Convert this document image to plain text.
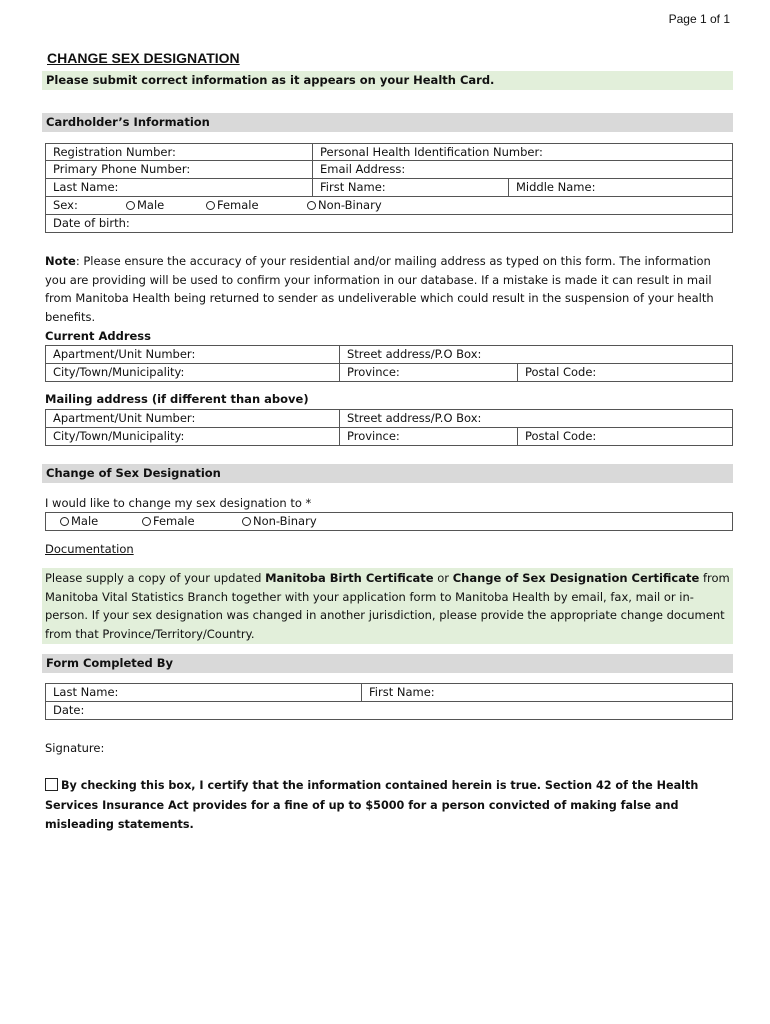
Page 1 of 1
CHANGE SEX DESIGNATION
Please submit correct information as it appears on your Health Card.
Cardholder’s Information
Registration Number:	Personal Health Identification Number:
Primary Phone Number:	Email Address:
Last Name:	First Name:	Middle Name:
Sex:	Male	Female	Non-Binary
Date of birth:
Note: Please ensure the accuracy of your residential and/or mailing address as typed on this form. The information you are providing will be used to confirm your information in our database. If a mistake is made it can result in mail from Manitoba Health being returned to sender as undeliverable which could result in the suspension of your health benefits.
Current Address
Apartment/Unit Number:	Street address/P.O Box:
City/Town/Municipality:	Province:	Postal Code:
Mailing address (if different than above)
Apartment/Unit Number:	Street address/P.O Box:
City/Town/Municipality:	Province:	Postal Code:
Change of Sex Designation
I would like to change my sex designation to *
Male	Female	Non-Binary
Documentation
Please supply a copy of your updated Manitoba Birth Certificate or Change of Sex Designation Certificate from Manitoba Vital Statistics Branch together with your application form to Manitoba Health by email, fax, mail or in-person. If your sex designation was changed in another jurisdiction, please provide the appropriate change document from that Province/Territory/Country.
Form Completed By
Last Name:	First Name:
Date:
Signature:
By checking this box, I certify that the information contained herein is true. Section 42 of the Health Services Insurance Act provides for a fine of up to $5000 for a person convicted of making false and misleading statements.
